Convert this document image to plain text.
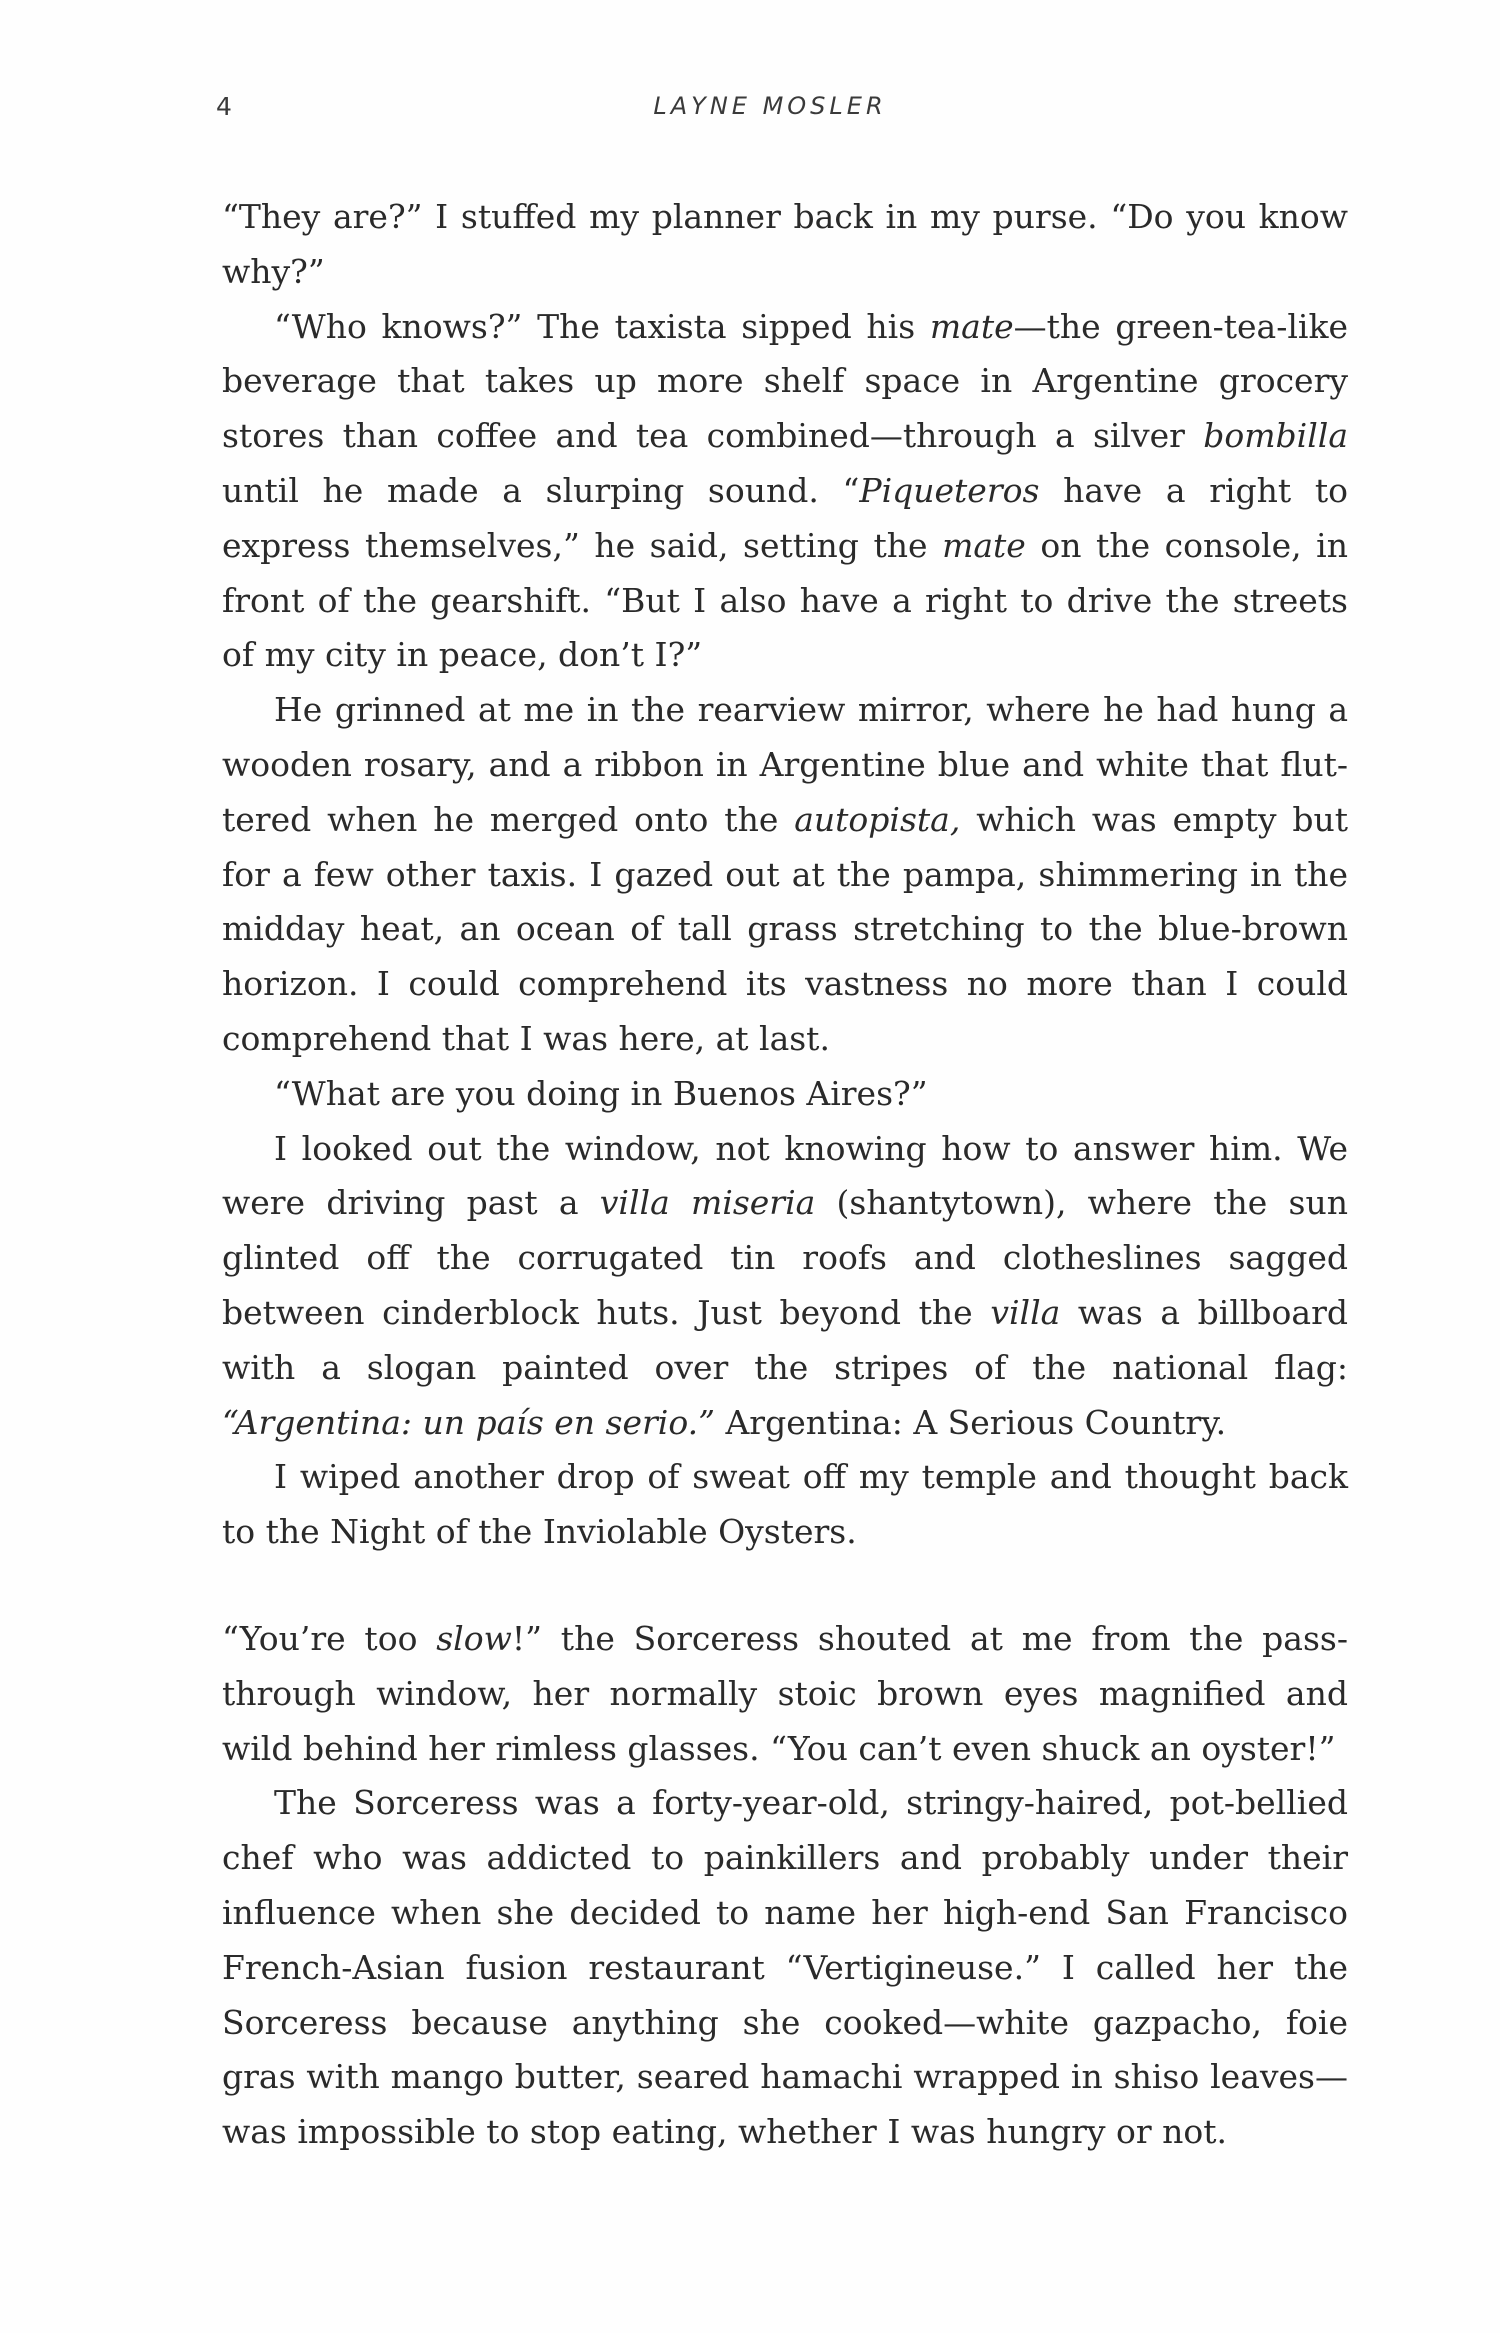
4	LAYNE MOSLER

“They are?” I stuffed my planner back in my purse. “Do you know why?”

“Who knows?” The taxista sipped his mate—the green-tea-like beverage that takes up more shelf space in Argentine grocery stores than coffee and tea combined—through a silver bombilla until he made a slurping sound. “Piqueteros have a right to express themselves,” he said, setting the mate on the console, in front of the gearshift. “But I also have a right to drive the streets of my city in peace, don’t I?”

He grinned at me in the rearview mirror, where he had hung a wooden rosary, and a ribbon in Argentine blue and white that fluttered when he merged onto the autopista, which was empty but for a few other taxis. I gazed out at the pampa, shimmering in the midday heat, an ocean of tall grass stretching to the blue-brown horizon. I could comprehend its vastness no more than I could comprehend that I was here, at last.

“What are you doing in Buenos Aires?”

I looked out the window, not knowing how to answer him. We were driving past a villa miseria (shantytown), where the sun glinted off the corrugated tin roofs and clotheslines sagged between cinderblock huts. Just beyond the villa was a billboard with a slogan painted over the stripes of the national flag: “Argentina: un país en serio.” Argentina: A Serious Country.

I wiped another drop of sweat off my temple and thought back to the Night of the Inviolable Oysters.

“You’re too slow!” the Sorceress shouted at me from the pass-through window, her normally stoic brown eyes magnified and wild behind her rimless glasses. “You can’t even shuck an oyster!”

The Sorceress was a forty-year-old, stringy-haired, pot-bellied chef who was addicted to painkillers and probably under their influence when she decided to name her high-end San Francisco French-Asian fusion restaurant “Vertigineuse.” I called her the Sorceress because anything she cooked—white gazpacho, foie gras with mango butter, seared hamachi wrapped in shiso leaves—was impossible to stop eating, whether I was hungry or not.
